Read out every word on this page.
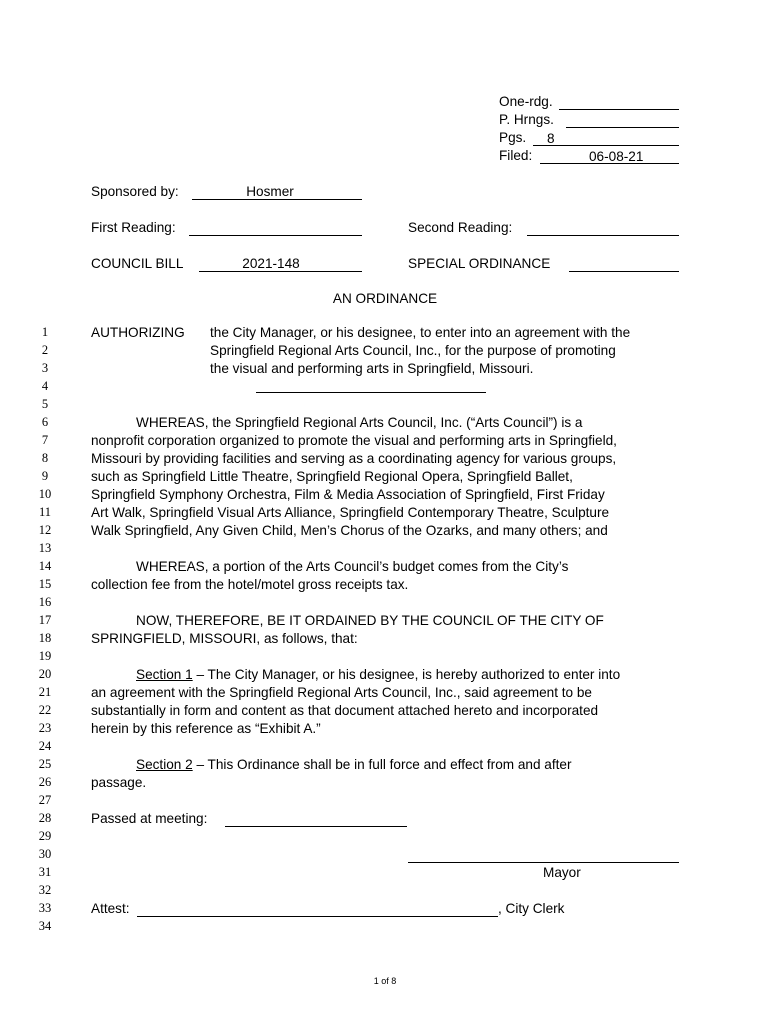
One-rdg.
P. Hrngs.
Pgs. 8
Filed:	06-08-21
Sponsored by:	Hosmer
First Reading:	Second Reading:
COUNCIL BILL	2021-148	SPECIAL ORDINANCE
AN ORDINANCE
1
2
3
4
5
6
7
8
9
10
11
12
13
14
15
16
17
18
19
20
21
22
23
24
25
26
27
28
29
30
31
32
33
34
AUTHORIZING the City Manager, or his designee, to enter into an agreement with the
Springfield Regional Arts Council, Inc., for the purpose of promoting
the visual and performing arts in Springfield, Missouri.
WHEREAS, the Springfield Regional Arts Council, Inc. (“Arts Council”) is a
nonprofit corporation organized to promote the visual and performing arts in Springfield,
Missouri by providing facilities and serving as a coordinating agency for various groups,
such as Springfield Little Theatre, Springfield Regional Opera, Springfield Ballet,
Springfield Symphony Orchestra, Film & Media Association of Springfield, First Friday
Art Walk, Springfield Visual Arts Alliance, Springfield Contemporary Theatre, Sculpture
Walk Springfield, Any Given Child, Men’s Chorus of the Ozarks, and many others; and
WHEREAS, a portion of the Arts Council’s budget comes from the City’s
collection fee from the hotel/motel gross receipts tax.
NOW, THEREFORE, BE IT ORDAINED BY THE COUNCIL OF THE CITY OF
SPRINGFIELD, MISSOURI, as follows, that:
Section 1 – The City Manager, or his designee, is hereby authorized to enter into
an agreement with the Springfield Regional Arts Council, Inc., said agreement to be
substantially in form and content as that document attached hereto and incorporated
herein by this reference as “Exhibit A.”
Section 2 – This Ordinance shall be in full force and effect from and after
passage.
Passed at meeting:
Mayor
Attest:	, City Clerk
1 of 8
